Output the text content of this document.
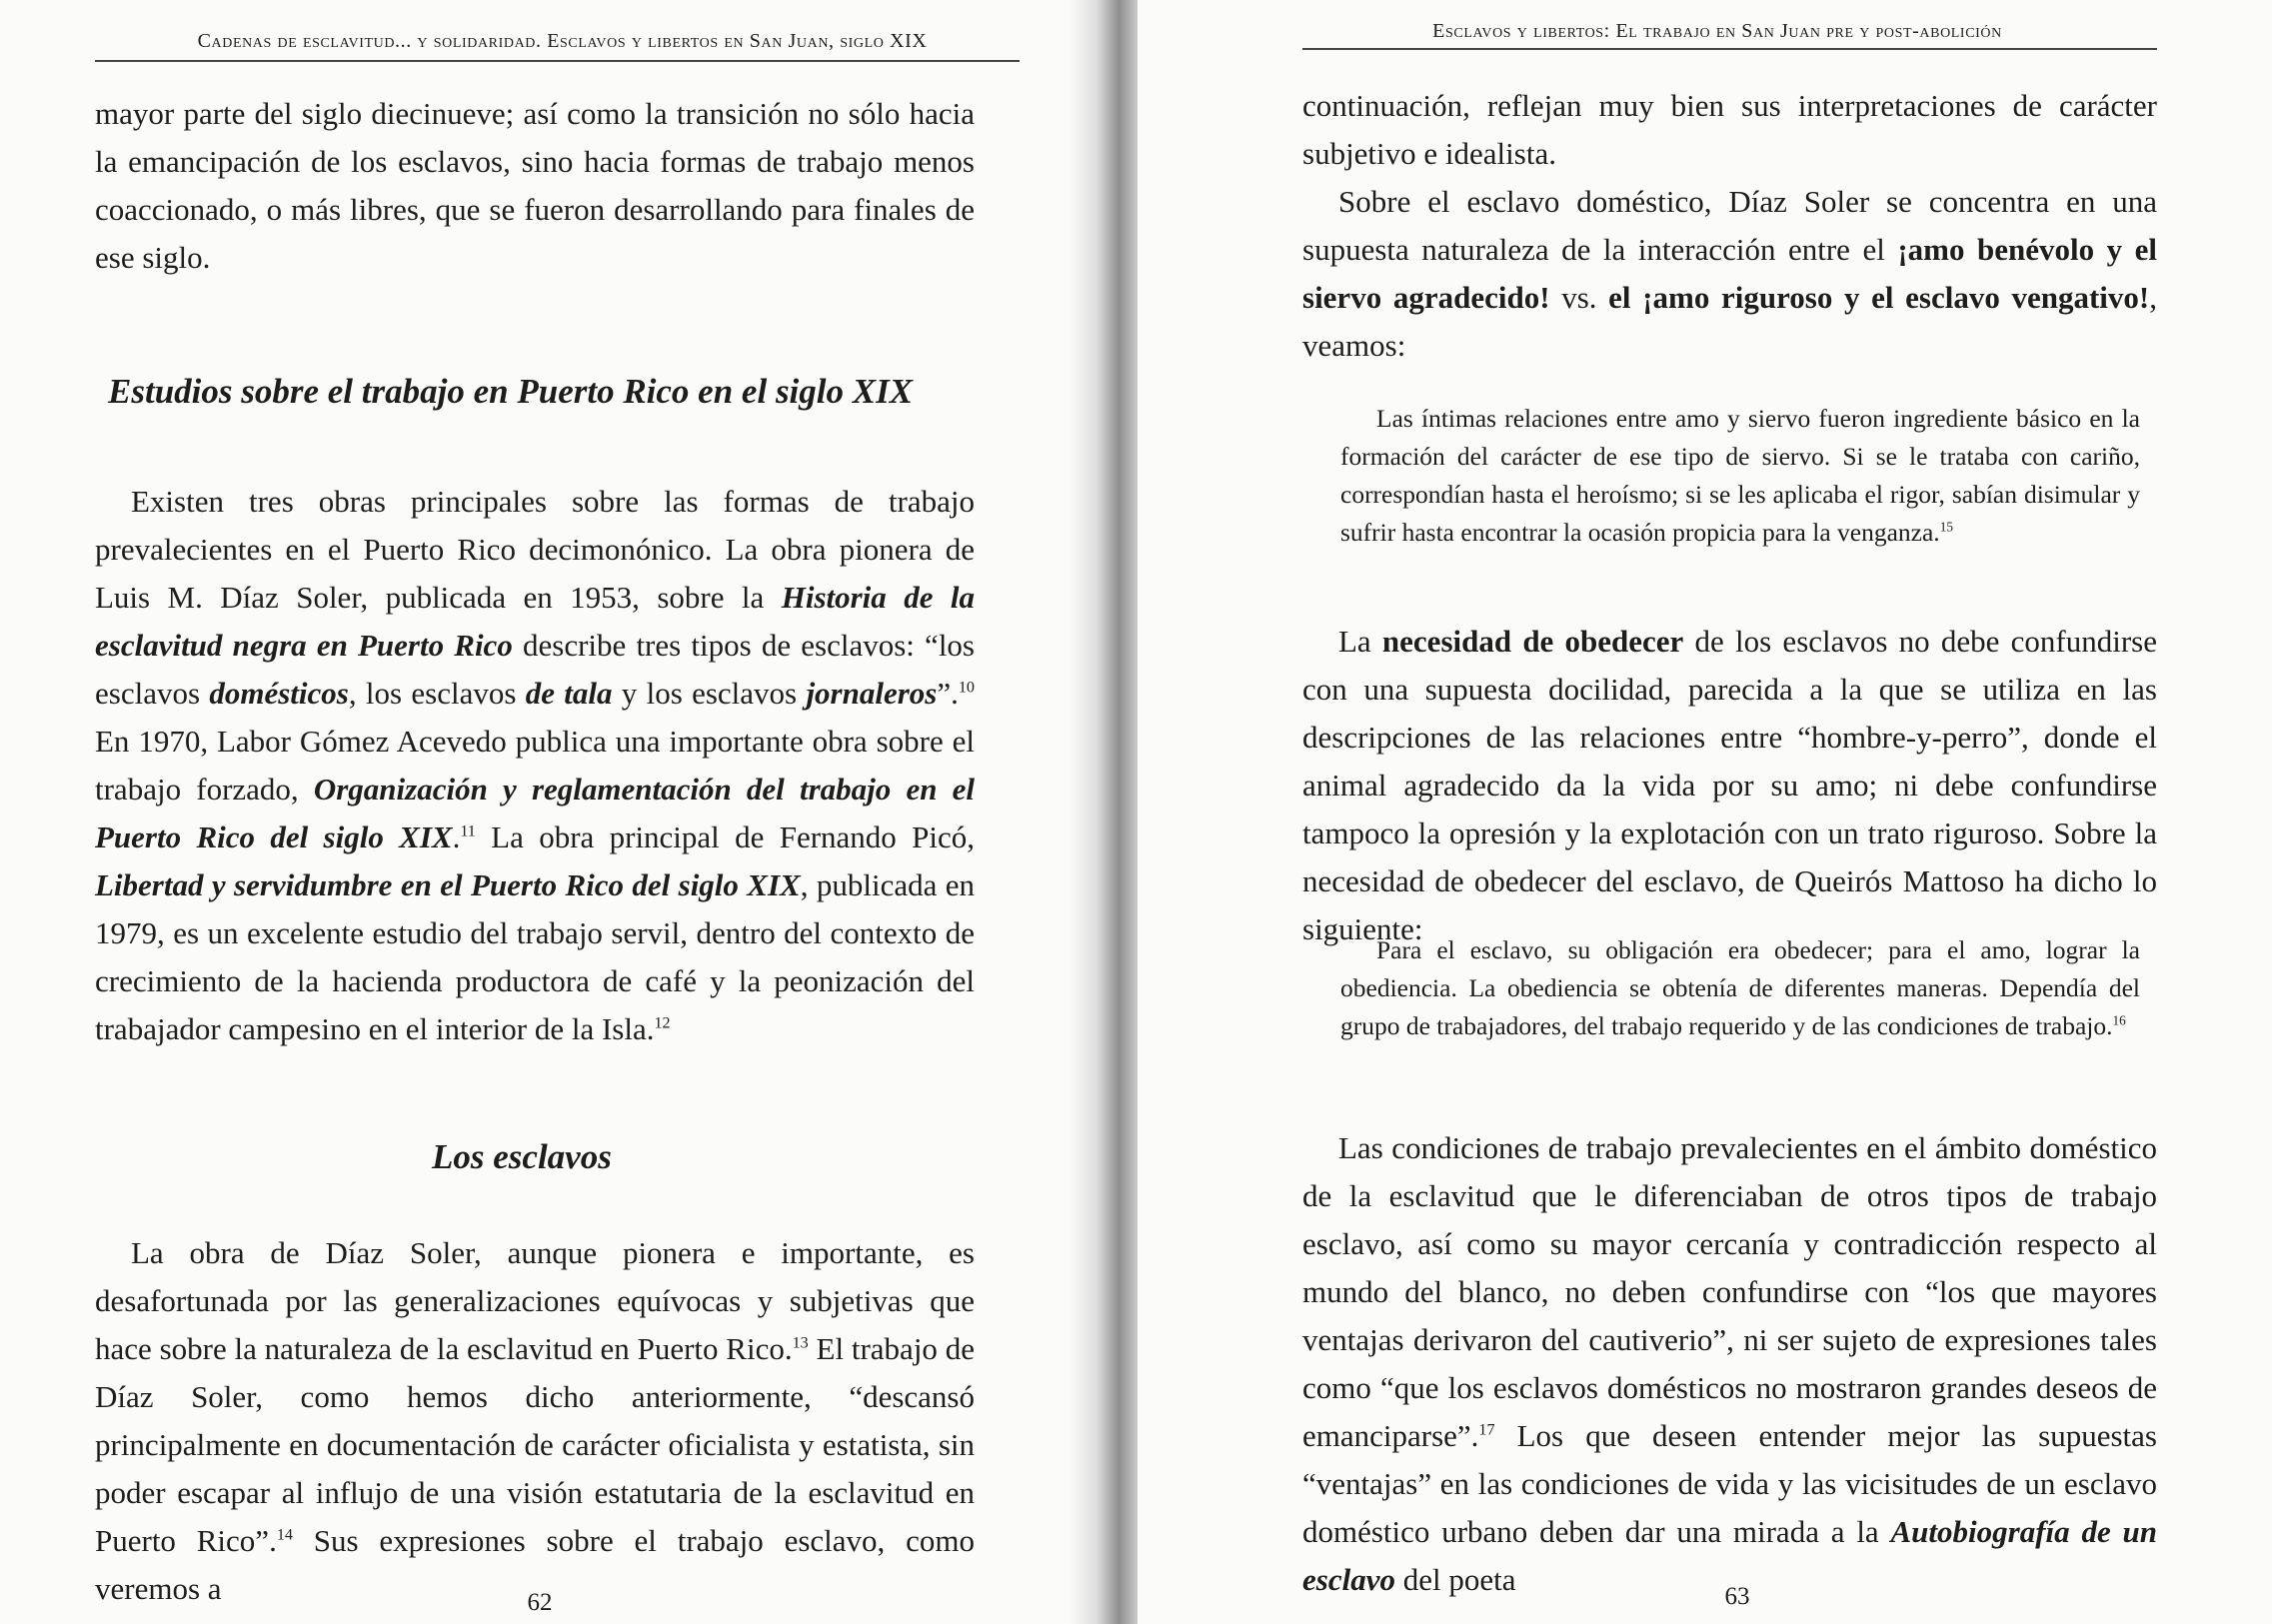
Cadenas de esclavitud... y solidaridad. Esclavos y libertos en San Juan, siglo XIX

mayor parte del siglo diecinueve; así como la transición no sólo hacia la emancipación de los esclavos, sino hacia formas de trabajo menos coaccionado, o más libres, que se fueron desarrollando para finales de ese siglo.

Estudios sobre el trabajo en Puerto Rico en el siglo XIX

Existen tres obras principales sobre las formas de trabajo prevalecientes en el Puerto Rico decimonónico. La obra pionera de Luis M. Díaz Soler, publicada en 1953, sobre la Historia de la esclavitud negra en Puerto Rico describe tres tipos de esclavos: “los esclavos domésticos, los esclavos de tala y los esclavos jornaleros”.$^{10}$ En 1970, Labor Gómez Acevedo publica una importante obra sobre el trabajo forzado, Organización y reglamentación del trabajo en el Puerto Rico del siglo XIX.$^{11}$ La obra principal de Fernando Picó, Libertad y servidumbre en el Puerto Rico del siglo XIX, publicada en 1979, es un excelente estudio del trabajo servil, dentro del contexto de crecimiento de la hacienda productora de café y la peonización del trabajador campesino en el interior de la Isla.$^{12}$

Los esclavos

La obra de Díaz Soler, aunque pionera e importante, es desafortunada por las generalizaciones equívocas y subjetivas que hace sobre la naturaleza de la esclavitud en Puerto Rico.$^{13}$ El trabajo de Díaz Soler, como hemos dicho anteriormente, “descansó principalmente en documentación de carácter oficialista y estatista, sin poder escapar al influjo de una visión estatutaria de la esclavitud en Puerto Rico”.$^{14}$ Sus expresiones sobre el trabajo esclavo, como veremos a	62
Esclavos y libertos: El trabajo en San Juan pre y post-abolición

continuación, reflejan muy bien sus interpretaciones de carácter subjetivo e idealista.

Sobre el esclavo doméstico, Díaz Soler se concentra en una supuesta naturaleza de la interacción entre el ¡amo benévolo y el siervo agradecido! vs. el ¡amo riguroso y el esclavo vengativo!, veamos:

Las íntimas relaciones entre amo y siervo fueron ingrediente básico en la formación del carácter de ese tipo de siervo. Si se le trataba con cariño, correspondían hasta el heroísmo; si se les aplicaba el rigor, sabían disimular y sufrir hasta encontrar la ocasión propicia para la venganza.$^{15}$

La necesidad de obedecer de los esclavos no debe confundirse con una supuesta docilidad, parecida a la que se utiliza en las descripciones de las relaciones entre “hombre-y-perro”, donde el animal agradecido da la vida por su amo; ni debe confundirse tampoco la opresión y la explotación con un trato riguroso. Sobre la necesidad de obedecer del esclavo, de Queirós Mattoso ha dicho lo siguiente:

Para el esclavo, su obligación era obedecer; para el amo, lograr la obediencia. La obediencia se obtenía de diferentes maneras. Dependía del grupo de trabajadores, del trabajo requerido y de las condiciones de trabajo.$^{16}$

Las condiciones de trabajo prevalecientes en el ámbito doméstico de la esclavitud que le diferenciaban de otros tipos de trabajo esclavo, así como su mayor cercanía y contradicción respecto al mundo del blanco, no deben confundirse con “los que mayores ventajas derivaron del cautiverio”, ni ser sujeto de expresiones tales como “que los esclavos domésticos no mostraron grandes deseos de emanciparse”.$^{17}$ Los que deseen entender mejor las supuestas “ventajas” en las condiciones de vida y las vicisitudes de un esclavo doméstico urbano deben dar una mirada a la Autobiografía de un esclavo del poeta	63
